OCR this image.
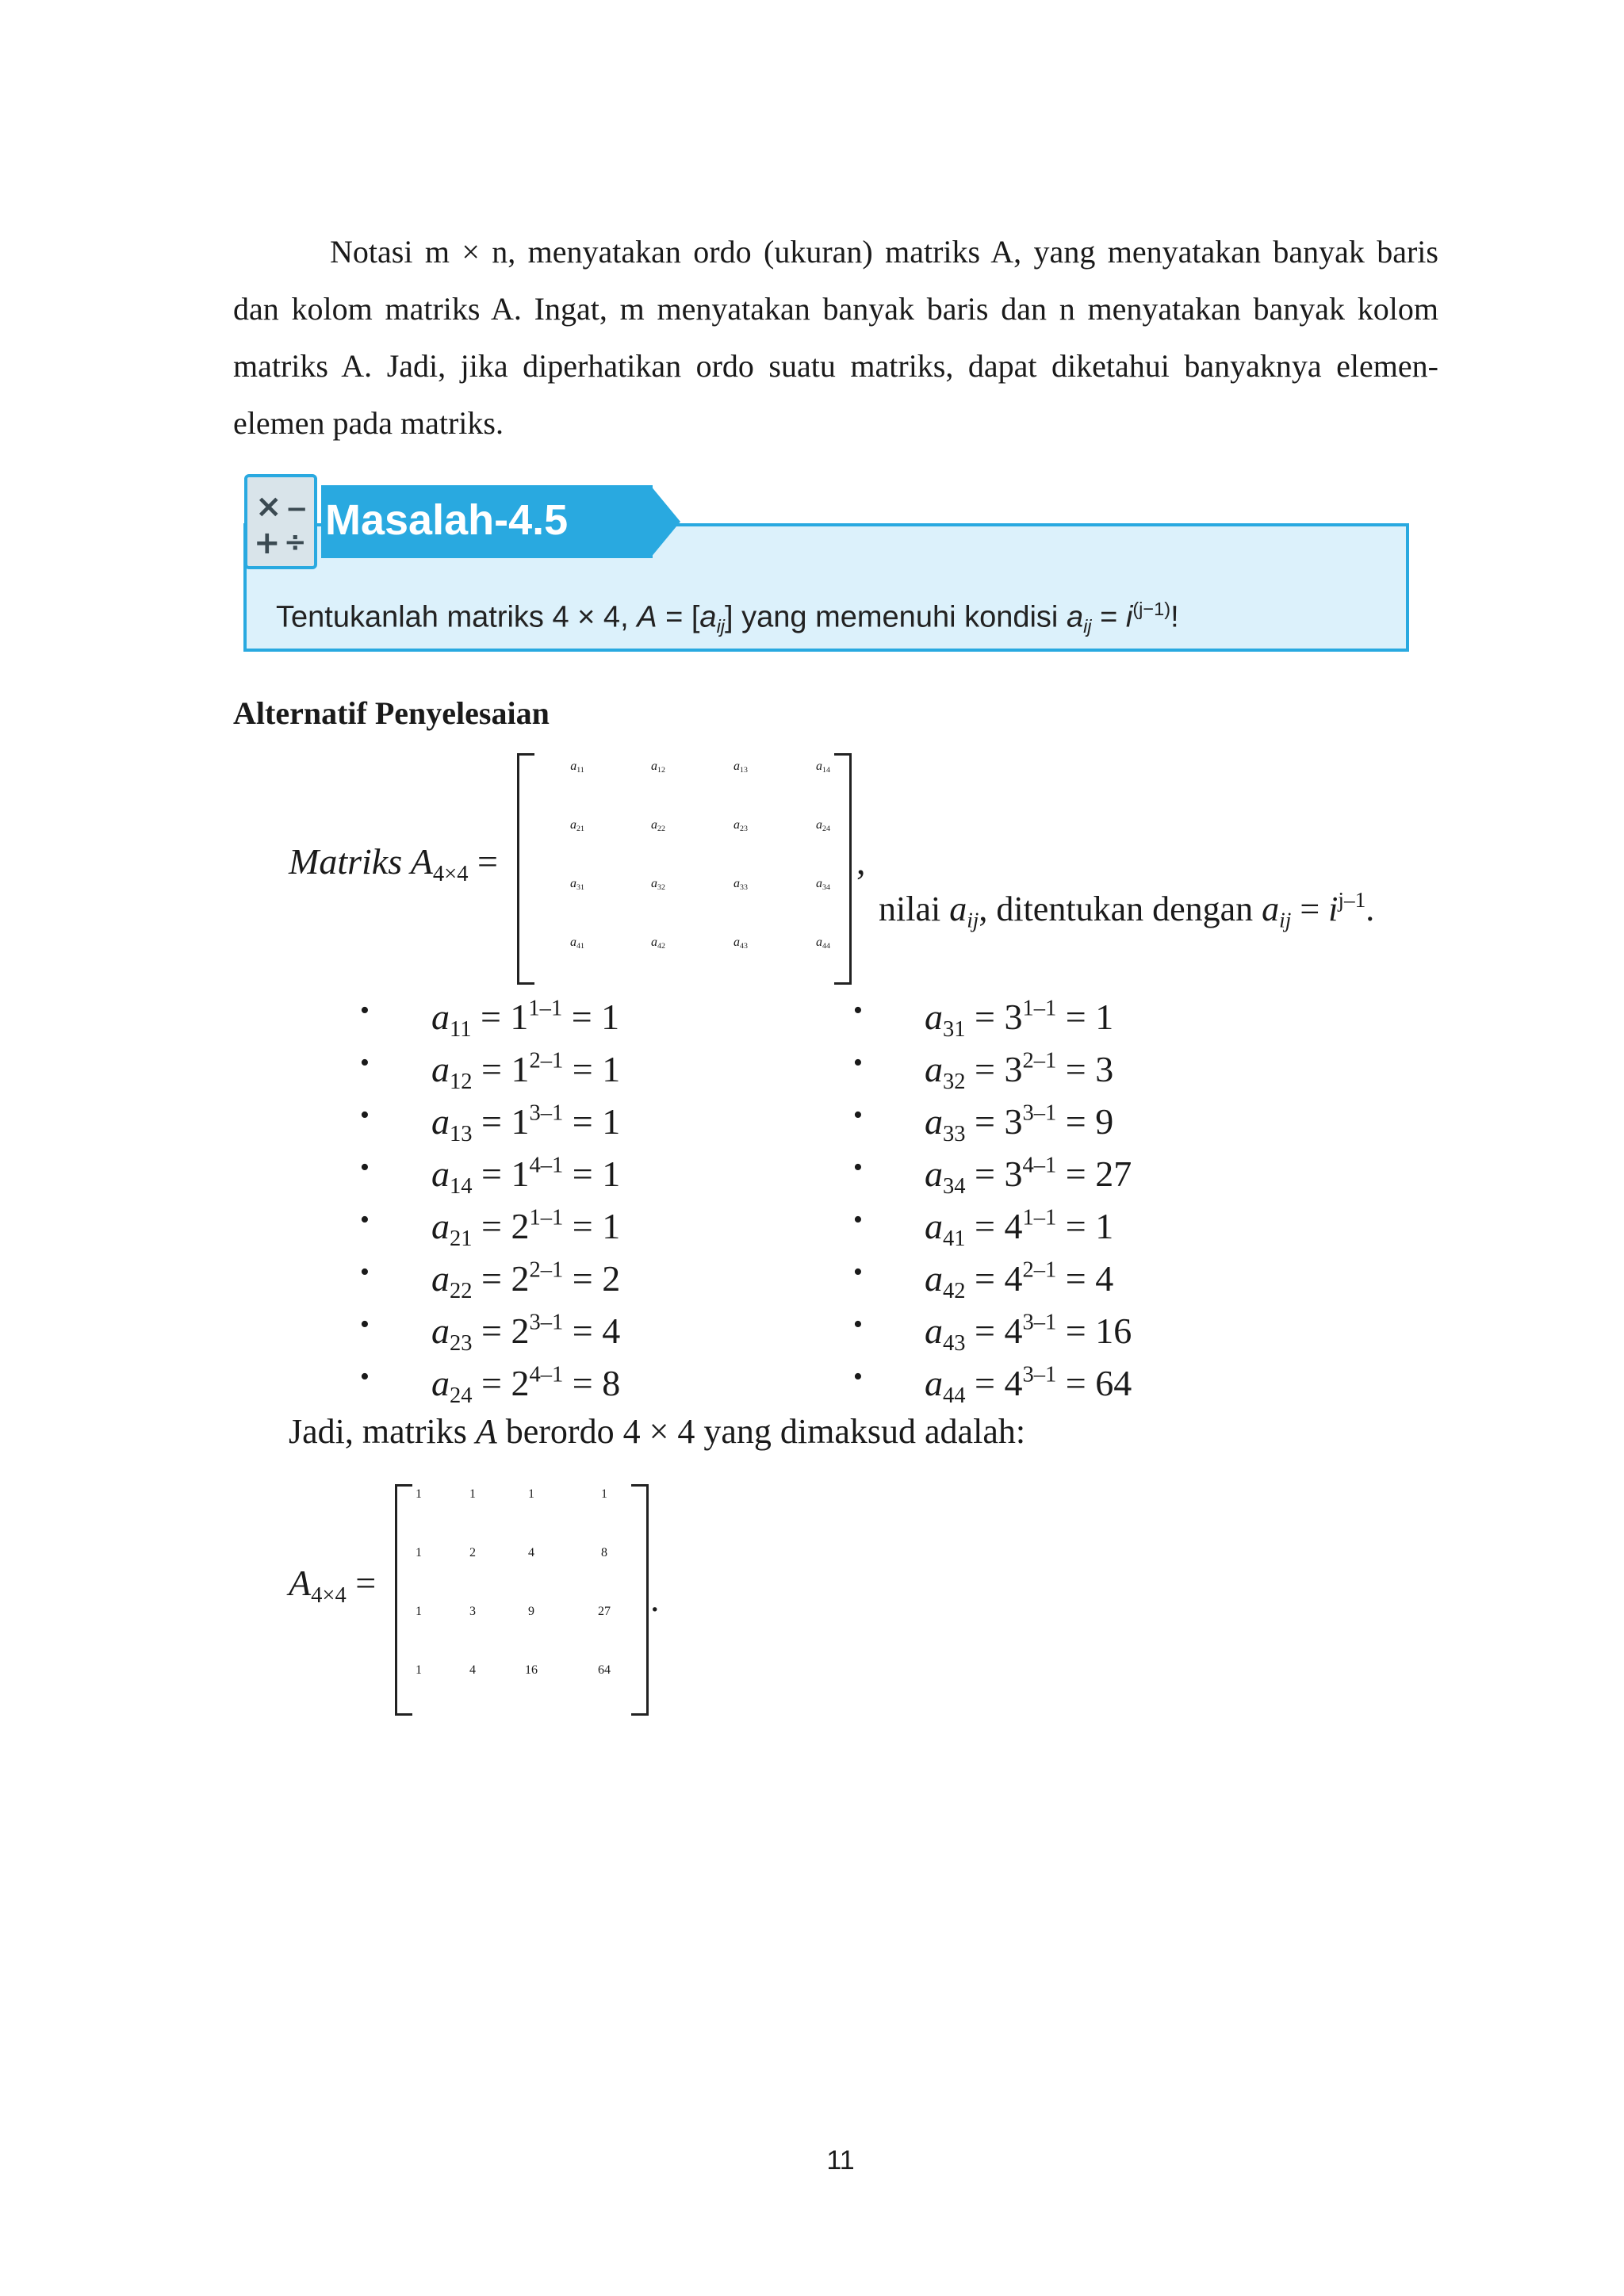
Notasi m × n, menyatakan ordo (ukuran) matriks A, yang menyatakan banyak baris
dan kolom matriks A. Ingat, m menyatakan banyak baris dan n menyatakan banyak kolom
matriks A. Jadi, jika diperhatikan ordo suatu matriks, dapat diketahui banyaknya elemen-
elemen pada matriks.
Masalah-4.5
× −
+ ÷
Tentukanlah matriks 4 × 4, $A = [a_{ij}]$ yang memenuhi kondisi $a_{ij} = i^{(j-1)}$!
Alternatif Penyelesaian
Matriks $A_{4\times 4}$ =	,
nilai $a_{ij}$, ditentukan dengan $a_{ij} = i^{j-1}$.
Jadi, matriks A berordo 4 × 4 yang dimaksud adalah:
$A_{4\times 4}$ =	.
11
$a_{11}$	$a_{12}$	$a_{13}$	$a_{14}$
$a_{21}$	$a_{22}$	$a_{23}$	$a_{24}$
$a_{31}$	$a_{32}$	$a_{33}$	$a_{34}$
$a_{41}$	$a_{42}$	$a_{43}$	$a_{44}$
• $a_{11} = 1^{1-1} = 1$
• $a_{12} = 1^{2-1} = 1$
• $a_{13} = 1^{3-1} = 1$
• $a_{14} = 1^{4-1} = 1$
• $a_{21} = 2^{1-1} = 1$
• $a_{22} = 2^{2-1} = 2$
• $a_{23} = 2^{3-1} = 4$
• $a_{24} = 2^{4-1} = 8$
• $a_{31} = 3^{1-1} = 1$
• $a_{32} = 3^{2-1} = 3$
• $a_{33} = 3^{3-1} = 9$
• $a_{34} = 3^{4-1} = 27$
• $a_{41} = 4^{1-1} = 1$
• $a_{42} = 4^{2-1} = 4$
• $a_{43} = 4^{3-1} = 16$
• $a_{44} = 4^{3-1} = 64$
1	1	1	1
1	2	4	8
1	3	9	27
1	4	16	64
